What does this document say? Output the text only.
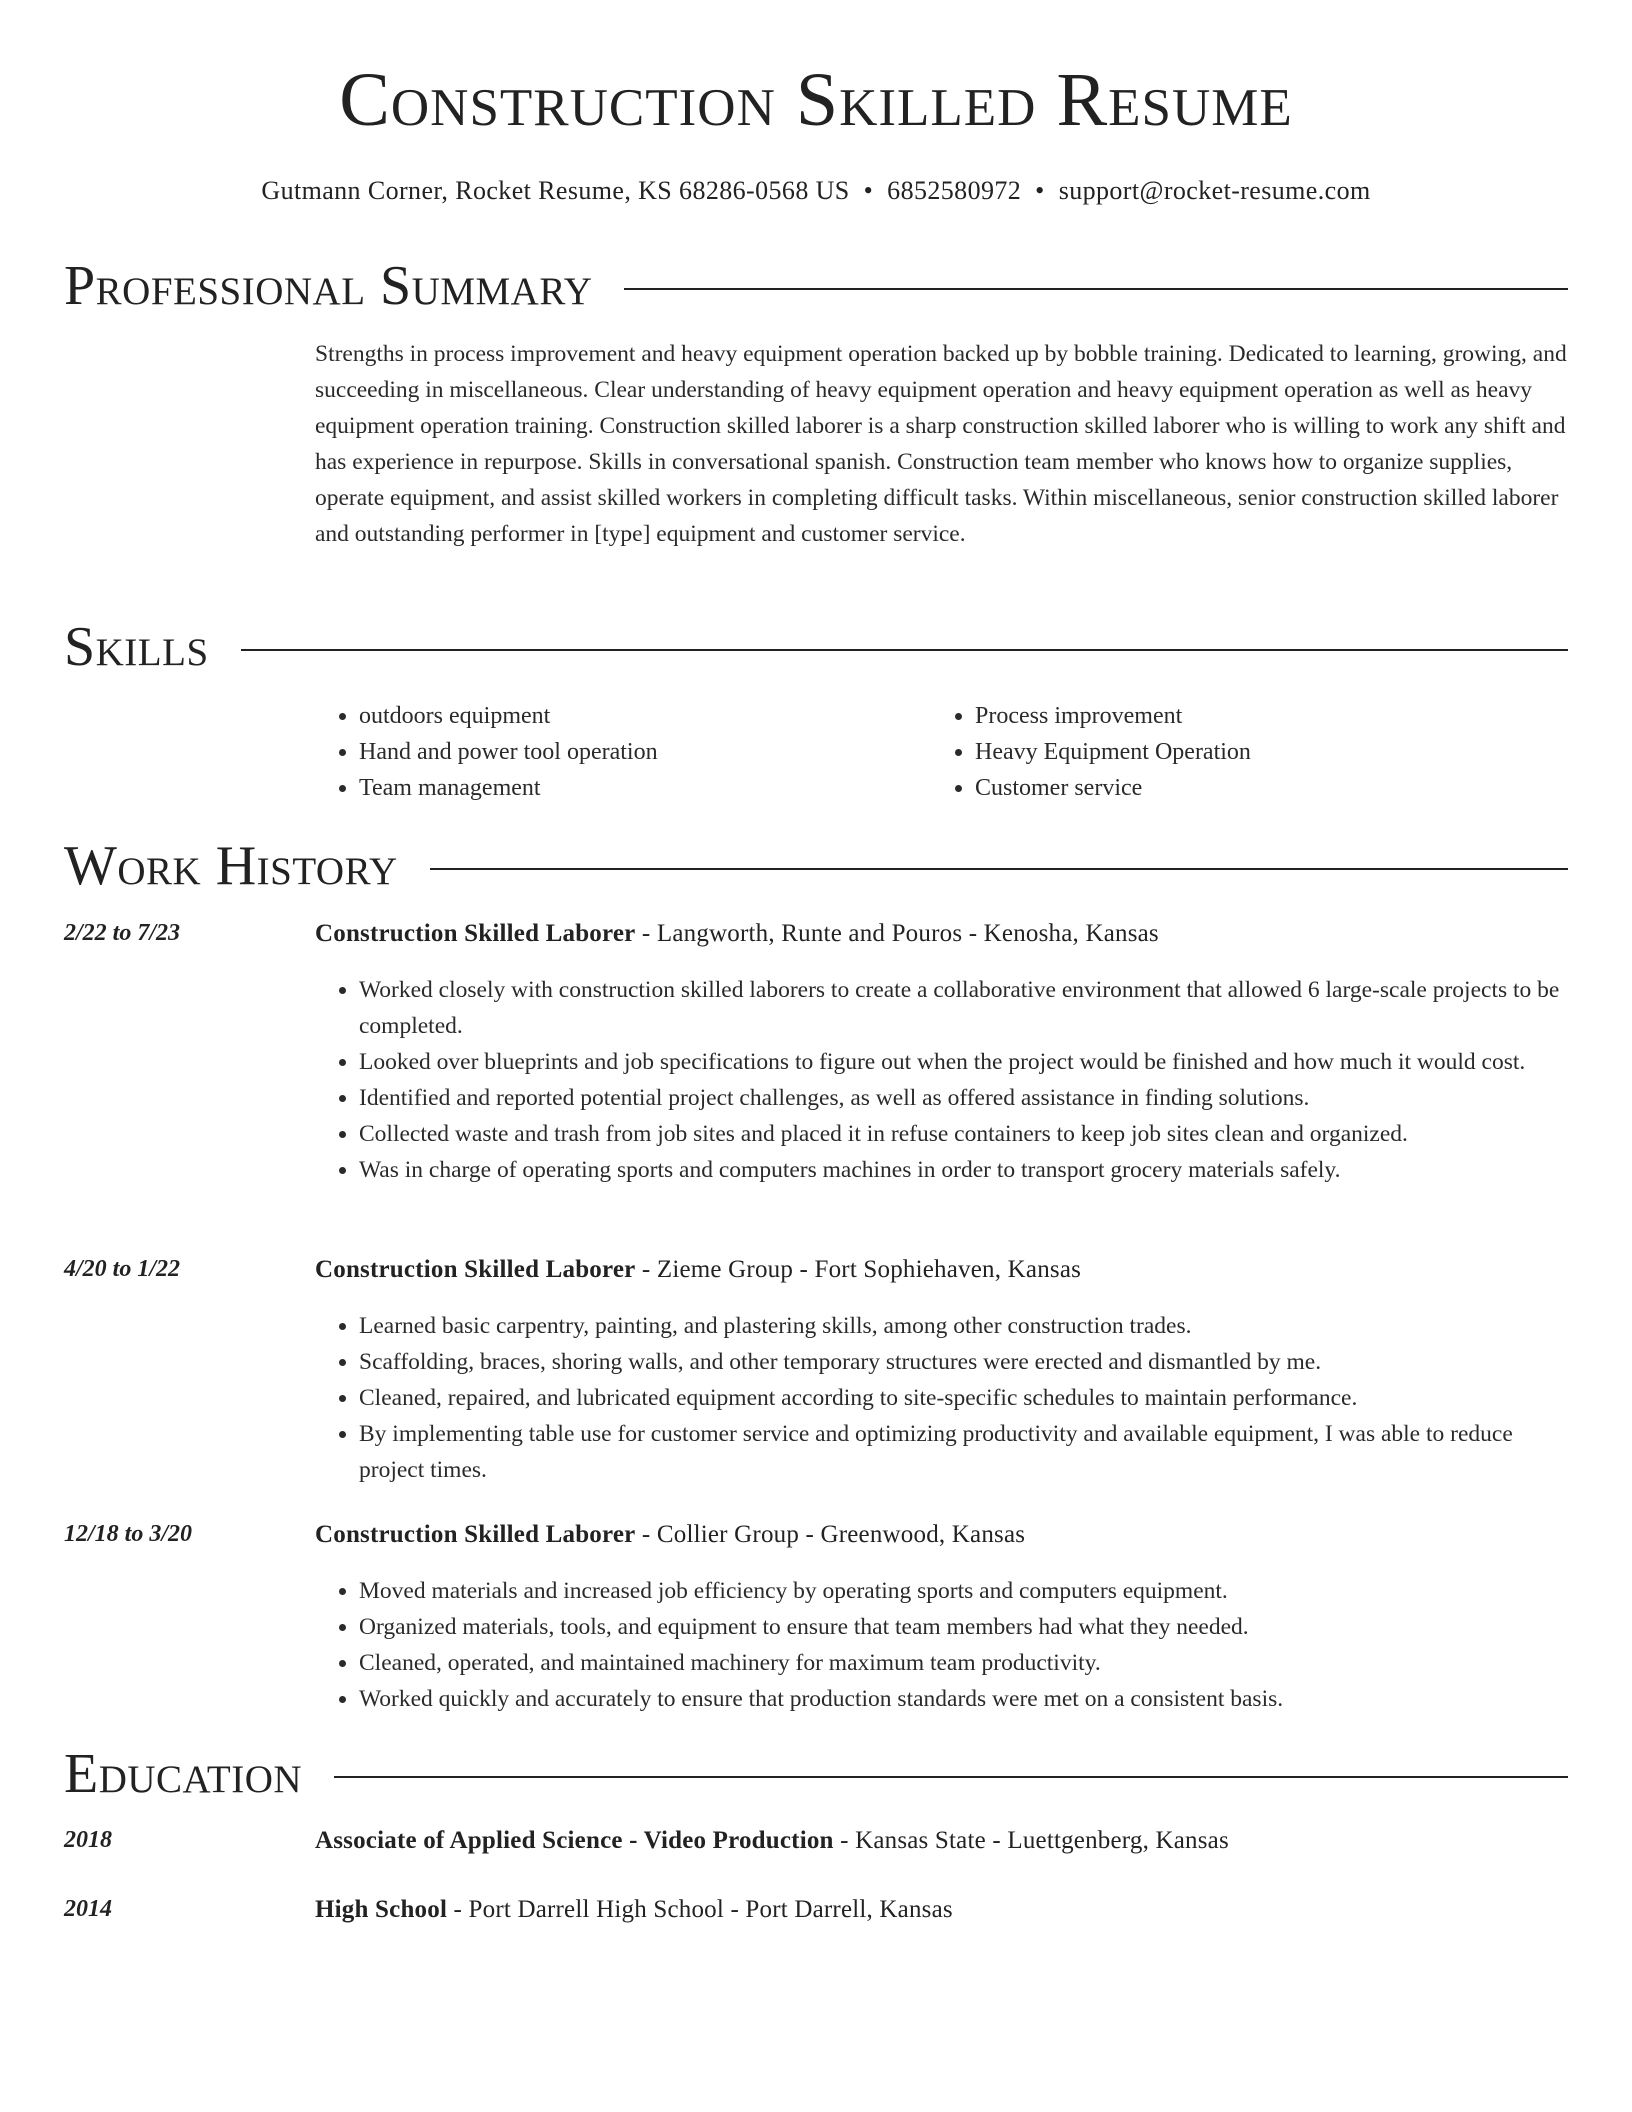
Construction Skilled Resume
Gutmann Corner, Rocket Resume, KS 68286-0568 US • 6852580972 • support@rocket-resume.com
Professional Summary
Strengths in process improvement and heavy equipment operation backed up by bobble training. Dedicated to learning, growing, and succeeding in miscellaneous. Clear understanding of heavy equipment operation and heavy equipment operation as well as heavy equipment operation training. Construction skilled laborer is a sharp construction skilled laborer who is willing to work any shift and has experience in repurpose. Skills in conversational spanish. Construction team member who knows how to organize supplies, operate equipment, and assist skilled workers in completing difficult tasks. Within miscellaneous, senior construction skilled laborer and outstanding performer in [type] equipment and customer service.
Skills
• outdoors equipment
• Hand and power tool operation
• Team management
• Process improvement
• Heavy Equipment Operation
• Customer service
Work History
2/22 to 7/23	Construction Skilled Laborer - Langworth, Runte and Pouros - Kenosha, Kansas
• Worked closely with construction skilled laborers to create a collaborative environment that allowed 6 large-scale projects to be completed.
• Looked over blueprints and job specifications to figure out when the project would be finished and how much it would cost.
• Identified and reported potential project challenges, as well as offered assistance in finding solutions.
• Collected waste and trash from job sites and placed it in refuse containers to keep job sites clean and organized.
• Was in charge of operating sports and computers machines in order to transport grocery materials safely.
4/20 to 1/22	Construction Skilled Laborer - Zieme Group - Fort Sophiehaven, Kansas
• Learned basic carpentry, painting, and plastering skills, among other construction trades.
• Scaffolding, braces, shoring walls, and other temporary structures were erected and dismantled by me.
• Cleaned, repaired, and lubricated equipment according to site-specific schedules to maintain performance.
• By implementing table use for customer service and optimizing productivity and available equipment, I was able to reduce project times.
12/18 to 3/20	Construction Skilled Laborer - Collier Group - Greenwood, Kansas
• Moved materials and increased job efficiency by operating sports and computers equipment.
• Organized materials, tools, and equipment to ensure that team members had what they needed.
• Cleaned, operated, and maintained machinery for maximum team productivity.
• Worked quickly and accurately to ensure that production standards were met on a consistent basis.
Education
2018	Associate of Applied Science - Video Production - Kansas State - Luettgenberg, Kansas
2014	High School - Port Darrell High School - Port Darrell, Kansas
